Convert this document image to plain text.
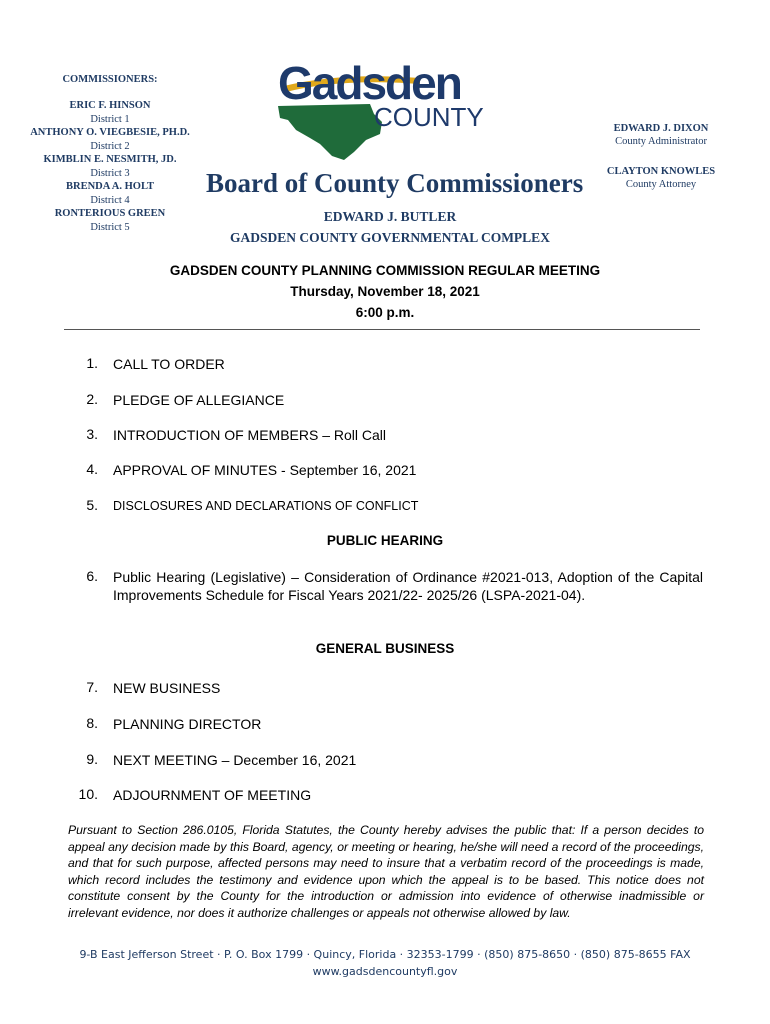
COMMISSIONERS:
ERIC F. HINSON
District 1
ANTHONY O. VIEGBESIE, PH.D.
District 2
KIMBLIN E. NESMITH, JD.
District 3
BRENDA A. HOLT
District 4
RONTERIOUS GREEN
District 5
Gadsden
COUNTY
Board of County Commissioners
EDWARD J. BUTLER
GADSDEN COUNTY GOVERNMENTAL COMPLEX
EDWARD J. DIXON
County Administrator
CLAYTON KNOWLES
County Attorney
GADSDEN COUNTY PLANNING COMMISSION REGULAR MEETING
Thursday, November 18, 2021
6:00 p.m.
1. CALL TO ORDER
2. PLEDGE OF ALLEGIANCE
3. INTRODUCTION OF MEMBERS – Roll Call
4. APPROVAL OF MINUTES - September 16, 2021
5. DISCLOSURES AND DECLARATIONS OF CONFLICT
PUBLIC HEARING
6. Public Hearing (Legislative) – Consideration of Ordinance #2021-013, Adoption of the Capital Improvements Schedule for Fiscal Years 2021/22- 2025/26 (LSPA-2021-04).
GENERAL BUSINESS
7. NEW BUSINESS
8. PLANNING DIRECTOR
9. NEXT MEETING – December 16, 2021
10. ADJOURNMENT OF MEETING
Pursuant to Section 286.0105, Florida Statutes, the County hereby advises the public that: If a person decides to appeal any decision made by this Board, agency, or meeting or hearing, he/she will need a record of the proceedings, and that for such purpose, affected persons may need to insure that a verbatim record of the proceedings is made, which record includes the testimony and evidence upon which the appeal is to be based. This notice does not constitute consent by the County for the introduction or admission into evidence of otherwise inadmissible or irrelevant evidence, nor does it authorize challenges or appeals not otherwise allowed by law.
9-B East Jefferson Street · P. O. Box 1799 · Quincy, Florida · 32353-1799 · (850) 875-8650 · (850) 875-8655 FAX
www.gadsdencountyfl.gov
